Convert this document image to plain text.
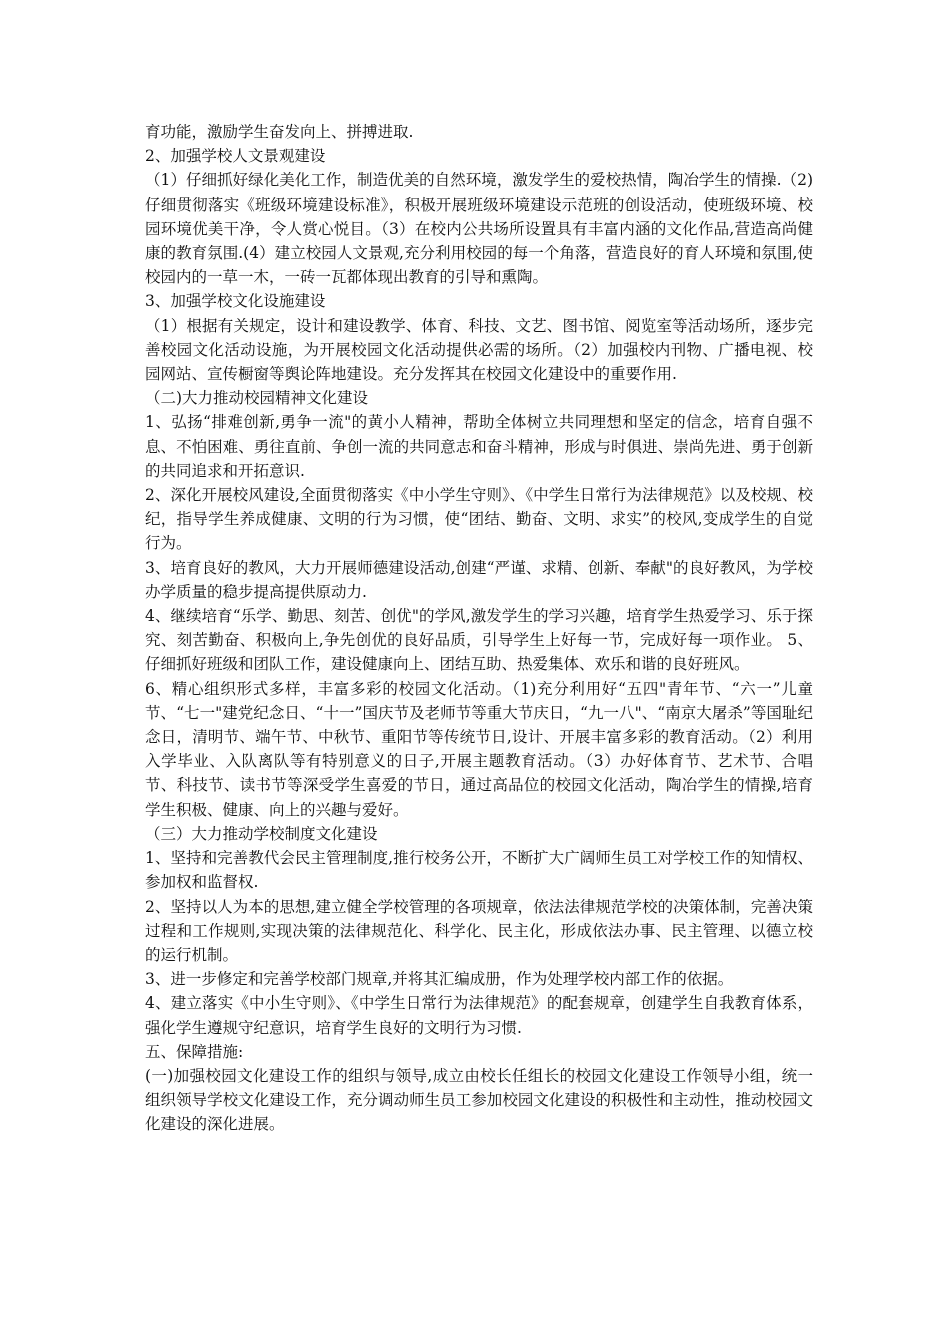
育功能，激励学生奋发向上、拼搏进取.

2、加强学校人文景观建设

（1）仔细抓好绿化美化工作，制造优美的自然环境，激发学生的爱校热情，陶冶学生的情操.（2)仔细贯彻落实《班级环境建设标准》，积极开展班级环境建设示范班的创设活动，使班级环境、校园环境优美干净，令人赏心悦目。（3）在校内公共场所设置具有丰富内涵的文化作品,营造高尚健康的教育氛围.(4）建立校园人文景观,充分利用校园的每一个角落，营造良好的育人环境和氛围,使校园内的一草一木，一砖一瓦都体现出教育的引导和熏陶。

3、加强学校文化设施建设

（1）根据有关规定，设计和建设教学、体育、科技、文艺、图书馆、阅览室等活动场所，逐步完善校园文化活动设施，为开展校园文化活动提供必需的场所。（2）加强校内刊物、广播电视、校园网站、宣传橱窗等舆论阵地建设。充分发挥其在校园文化建设中的重要作用.

（二)大力推动校园精神文化建设

1、弘扬“排难创新,勇争一流"的黄小人精神，帮助全体树立共同理想和坚定的信念，培育自强不息、不怕困难、勇往直前、争创一流的共同意志和奋斗精神，形成与时俱进、崇尚先进、勇于创新的共同追求和开拓意识.

2、深化开展校风建设,全面贯彻落实《中小学生守则》、《中学生日常行为法律规范》以及校规、校纪，指导学生养成健康、文明的行为习惯，使“团结、勤奋、文明、求实”的校风,变成学生的自觉行为。

3、培育良好的教风，大力开展师德建设活动,创建“严谨、求精、创新、奉献"的良好教风，为学校办学质量的稳步提高提供原动力.

4、继续培育“乐学、勤思、刻苦、创优"的学风,激发学生的学习兴趣，培育学生热爱学习、乐于探究、刻苦勤奋、积极向上,争先创优的良好品质，引导学生上好每一节，完成好每一项作业。 5、仔细抓好班级和团队工作，建设健康向上、团结互助、热爱集体、欢乐和谐的良好班风。

6、精心组织形式多样，丰富多彩的校园文化活动。（1)充分利用好“五四"青年节、“六一”儿童节、“七一"建党纪念日、“十一”国庆节及老师节等重大节庆日，“九一八"、“南京大屠杀”等国耻纪念日，清明节、端午节、中秋节、重阳节等传统节日,设计、开展丰富多彩的教育活动。（2）利用入学毕业、入队离队等有特别意义的日子,开展主题教育活动。（3）办好体育节、艺术节、合唱节、科技节、读书节等深受学生喜爱的节日，通过高品位的校园文化活动，陶冶学生的情操,培育学生积极、健康、向上的兴趣与爱好。

（三）大力推动学校制度文化建设

1、坚持和完善教代会民主管理制度,推行校务公开，不断扩大广阔师生员工对学校工作的知情权、参加权和监督权.

2、坚持以人为本的思想,建立健全学校管理的各项规章，依法法律规范学校的决策体制，完善决策过程和工作规则,实现决策的法律规范化、科学化、民主化，形成依法办事、民主管理、以德立校的运行机制。

3、进一步修定和完善学校部门规章,并将其汇编成册，作为处理学校内部工作的依据。

4、建立落实《中小生守则》、《中学生日常行为法律规范》的配套规章，创建学生自我教育体系，强化学生遵规守纪意识，培育学生良好的文明行为习惯.

五、保障措施:

(一)加强校园文化建设工作的组织与领导,成立由校长任组长的校园文化建设工作领导小组，统一组织领导学校文化建设工作，充分调动师生员工参加校园文化建设的积极性和主动性，推动校园文化建设的深化进展。
